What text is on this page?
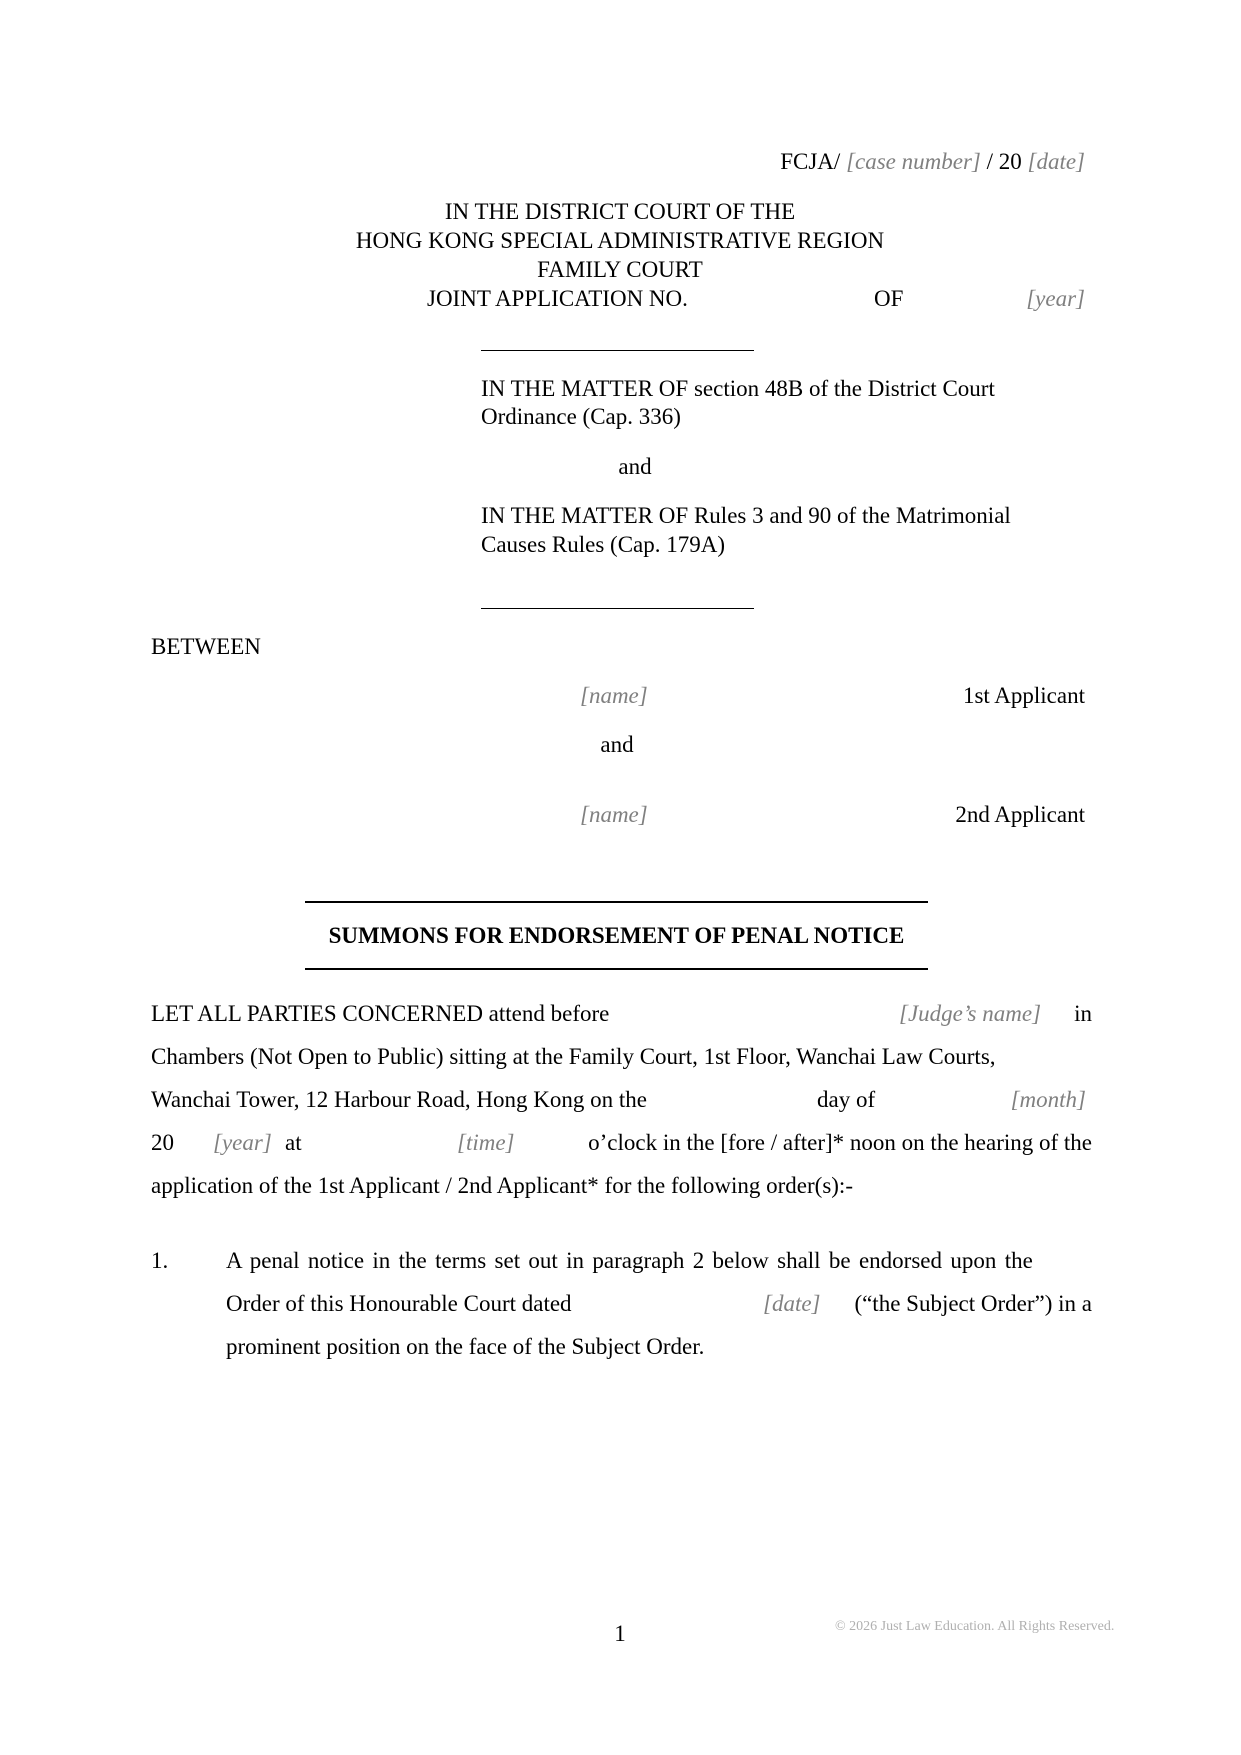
FCJA/ [case number] / 20 [date]
IN THE DISTRICT COURT OF THE
HONG KONG SPECIAL ADMINISTRATIVE REGION
FAMILY COURT
JOINT APPLICATION NO.	OF	[year]
IN THE MATTER OF section 48B of the District Court
Ordinance (Cap. 336)
and
IN THE MATTER OF Rules 3 and 90 of the Matrimonial
Causes Rules (Cap. 179A)
BETWEEN
[name]	1st Applicant
and
[name]	2nd Applicant
SUMMONS FOR ENDORSEMENT OF PENAL NOTICE
LET ALL PARTIES CONCERNED attend before	[Judge’s name] in
Chambers (Not Open to Public) sitting at the Family Court, 1st Floor, Wanchai Law Courts,
Wanchai Tower, 12 Harbour Road, Hong Kong on the	day of	[month]
20 [year] at	[time]	o’clock in the [fore / after]* noon on the hearing of the
application of the 1st Applicant / 2nd Applicant* for the following order(s):-
1.	A penal notice in the terms set out in paragraph 2 below shall be endorsed upon the
Order of this Honourable Court dated	[date] (“the Subject Order”) in a
prominent position on the face of the Subject Order.
1	© 2026 Just Law Education. All Rights Reserved.
